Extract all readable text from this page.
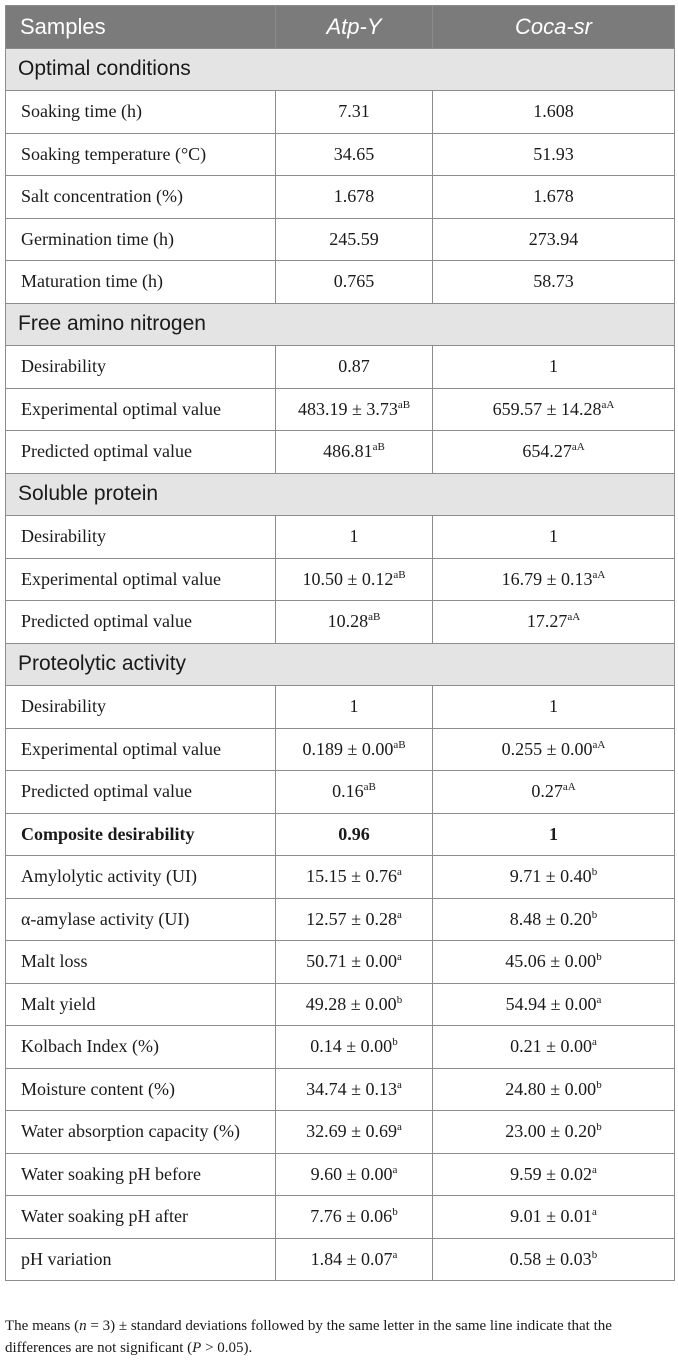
Samples	Atp-Y	Coca-sr
Optimal conditions		
Soaking time (h)	7.31	1.608
Soaking temperature (°C)	34.65	51.93
Salt concentration (%)	1.678	1.678
Germination time (h)	245.59	273.94
Maturation time (h)	0.765	58.73
Free amino nitrogen		
Desirability	0.87	1
Experimental optimal value	$483.19 \pm 3.73^{aB}$	$659.57 \pm 14.28^{aA}$
Predicted optimal value	$486.81^{aB}$	$654.27^{aA}$
Soluble protein		
Desirability	1	1
Experimental optimal value	$10.50 \pm 0.12^{aB}$	$16.79 \pm 0.13^{aA}$
Predicted optimal value	$10.28^{aB}$	$17.27^{aA}$
Proteolytic activity		
Desirability	1	1
Experimental optimal value	$0.189 \pm 0.00^{aB}$	$0.255 \pm 0.00^{aA}$
Predicted optimal value	$0.16^{aB}$	$0.27^{aA}$
Composite desirability	0.96	1
Amylolytic activity (UI)	15.15 ± 0.76$^a$	9.71 ± 0.40$^b$
α-amylase activity (UI)	12.57 ± 0.28$^a$	8.48 ± 0.20$^b$
Malt loss	50.71 ± 0.00$^a$	45.06 ± 0.00$^b$
Malt yield	49.28 ± 0.00$^b$	54.94 ± 0.00$^a$
Kolbach Index (%)	0.14 ± 0.00$^b$	0.21 ± 0.00$^a$
Moisture content (%)	34.74 ± 0.13$^a$	24.80 ± 0.00$^b$
Water absorption capacity (%)	32.69 ± 0.69$^a$	23.00 ± 0.20$^b$
Water soaking pH before	9.60 ± 0.00$^a$	9.59 ± 0.02$^a$
Water soaking pH after	7.76 ± 0.06$^b$	9.01 ± 0.01$^a$
pH variation	1.84 ± 0.07$^a$	0.58 ± 0.03$^b$
The means (n = 3) ± standard deviations followed by the same letter in the same line indicate that the differences are not significant (P > 0.05).
